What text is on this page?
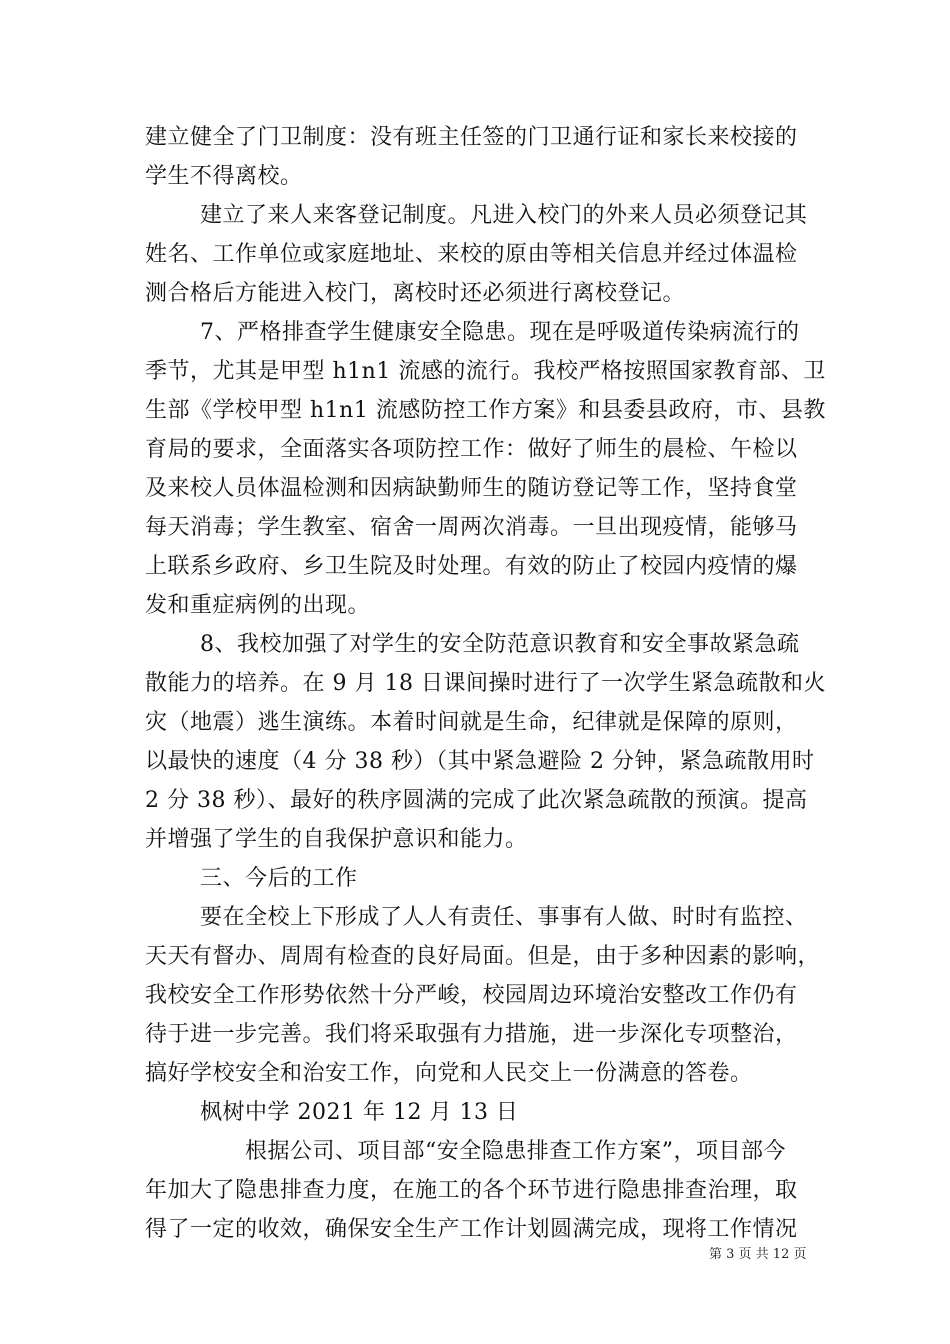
建立健全了门卫制度：没有班主任签的门卫通行证和家长来校接的
学生不得离校。
建立了来人来客登记制度。凡进入校门的外来人员必须登记其
姓名、工作单位或家庭地址、来校的原由等相关信息并经过体温检
测合格后方能进入校门，离校时还必须进行离校登记。
7、严格排查学生健康安全隐患。现在是呼吸道传染病流行的
季节，尤其是甲型 h1n1 流感的流行。我校严格按照国家教育部、卫
生部《学校甲型 h1n1 流感防控工作方案》和县委县政府，市、县教
育局的要求，全面落实各项防控工作：做好了师生的晨检、午检以
及来校人员体温检测和因病缺勤师生的随访登记等工作，坚持食堂
每天消毒；学生教室、宿舍一周两次消毒。一旦出现疫情，能够马
上联系乡政府、乡卫生院及时处理。有效的防止了校园内疫情的爆
发和重症病例的出现。
8、我校加强了对学生的安全防范意识教育和安全事故紧急疏
散能力的培养。在 9 月 18 日课间操时进行了一次学生紧急疏散和火
灾（地震）逃生演练。本着时间就是生命，纪律就是保障的原则，
以最快的速度（4 分 38 秒）（其中紧急避险 2 分钟，紧急疏散用时
2 分 38 秒）、最好的秩序圆满的完成了此次紧急疏散的预演。提高
并增强了学生的自我保护意识和能力。
三、今后的工作
要在全校上下形成了人人有责任、事事有人做、时时有监控、
天天有督办、周周有检查的良好局面。但是，由于多种因素的影响，
我校安全工作形势依然十分严峻，校园周边环境治安整改工作仍有
待于进一步完善。我们将采取强有力措施，进一步深化专项整治，
搞好学校安全和治安工作，向党和人民交上一份满意的答卷。
枫树中学 2021 年 12 月 13 日
根据公司、项目部“安全隐患排查工作方案”，项目部今
年加大了隐患排查力度，在施工的各个环节进行隐患排查治理，取
得了一定的收效，确保安全生产工作计划圆满完成，现将工作情况
第 3 页 共 12 页
